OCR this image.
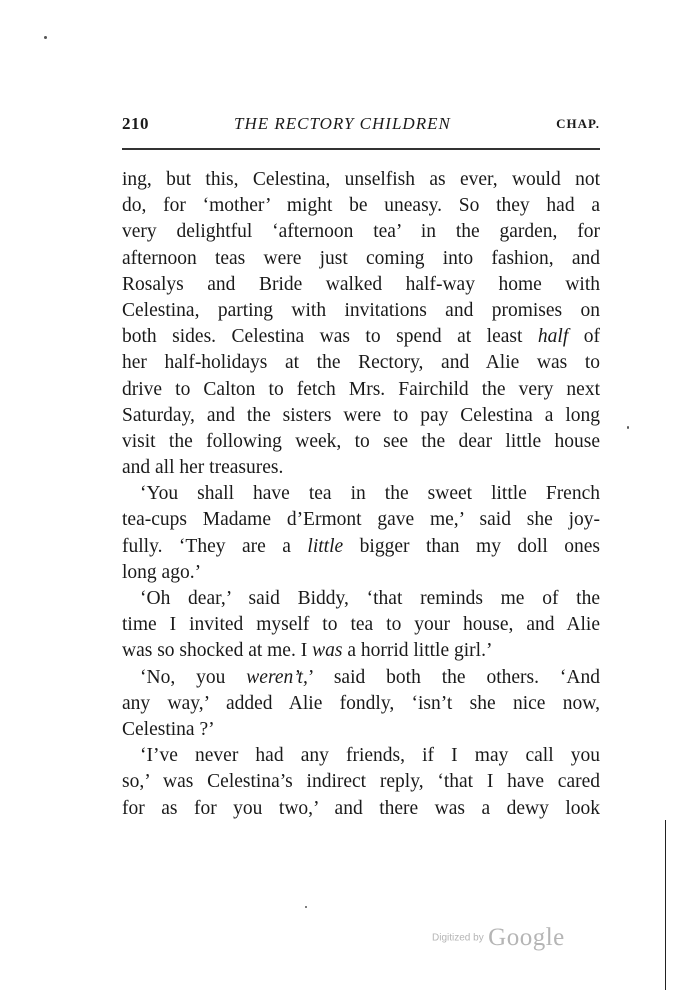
210	THE RECTORY CHILDREN	CHAP.
ing, but this, Celestina, unselfish as ever, would not
do, for ‘mother’ might be uneasy. So they had a
very delightful ‘afternoon tea’ in the garden, for
afternoon teas were just coming into fashion, and
Rosalys and Bride walked half-way home with
Celestina, parting with invitations and promises on
both sides. Celestina was to spend at least half of
her half-holidays at the Rectory, and Alie was to
drive to Calton to fetch Mrs. Fairchild the very next
Saturday, and the sisters were to pay Celestina a long
visit the following week, to see the dear little house
and all her treasures.
‘You shall have tea in the sweet little French
tea-cups Madame d’Ermont gave me,’ said she joy-
fully. ‘They are a little bigger than my doll ones
long ago.’
‘Oh dear,’ said Biddy, ‘that reminds me of the
time I invited myself to tea to your house, and Alie
was so shocked at me. I was a horrid little girl.’
‘No, you weren’t,’ said both the others. ‘And
any way,’ added Alie fondly, ‘isn’t she nice now,
Celestina ?’
‘I’ve never had any friends, if I may call you
so,’ was Celestina’s indirect reply, ‘that I have cared
for as for you two,’ and there was a dewy look
Digitized by Google
